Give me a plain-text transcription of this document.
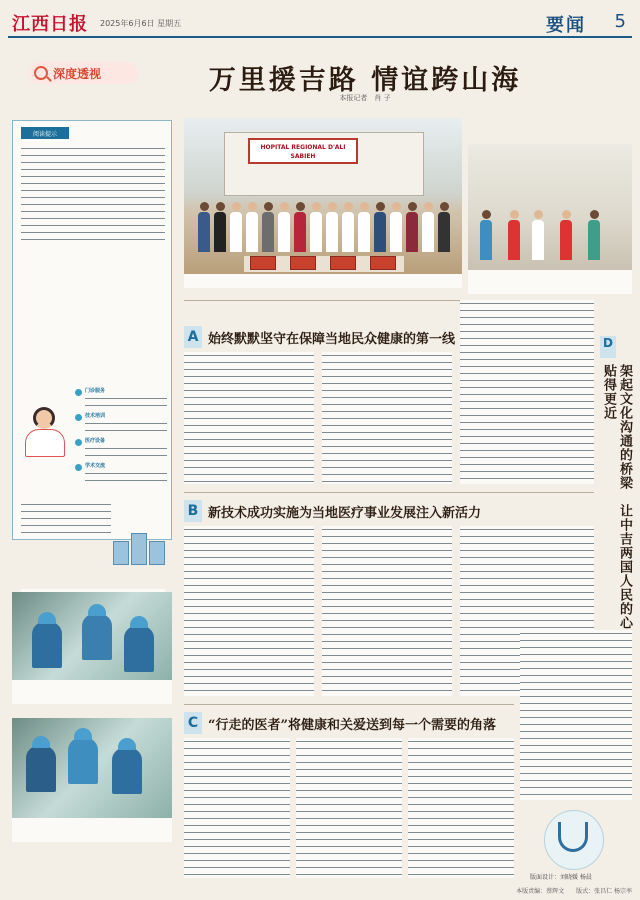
江西日报 2025年6月6日 星期五	要闻 5
深度透视	万里援吉路 情谊跨山海
本报记者　肖 子
阅读提示
门诊服务
技术培训
医疗设备
学术交流
HOPITAL REGIONAL D'ALI SABIEH
A 始终默默坚守在保障当地民众健康的第一线
B 新技术成功实施为当地医疗事业发展注入新活力
C “行走的医者”将健康和关爱送到每一个需要的角落
D
架起文化沟通的桥梁　让中吉两国人民的心贴得更近
版面设计：刘晓媛 杨晨
本版责编：蔡辉文　　版式：张昌仁 杨宗率
